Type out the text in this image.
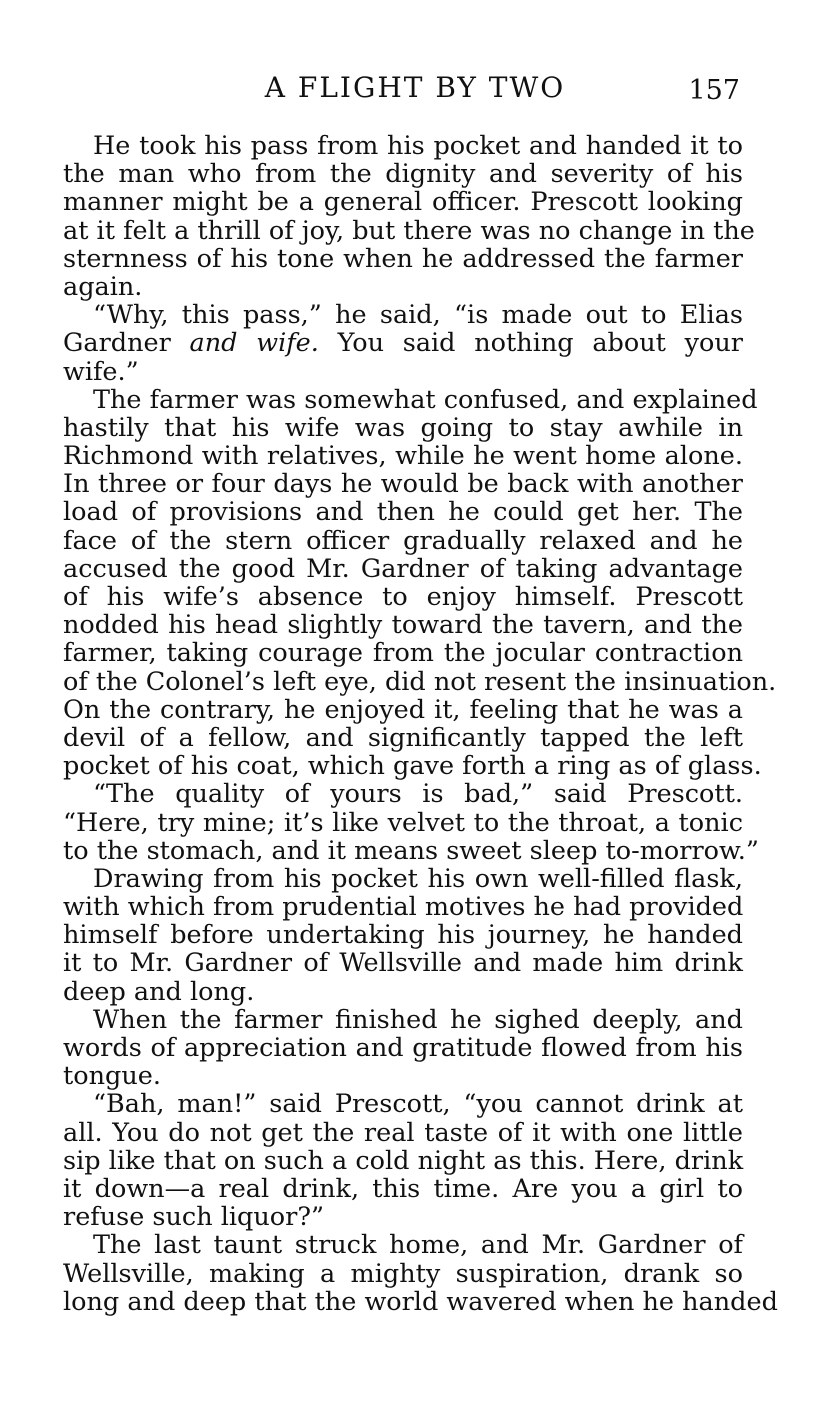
A FLIGHT BY TWO	157
He took his pass from his pocket and handed it to
the man who from the dignity and severity of his
manner might be a general officer. Prescott looking
at it felt a thrill of joy, but there was no change in the
sternness of his tone when he addressed the farmer
again.
“Why, this pass,” he said, “is made out to Elias
Gardner and wife. You said nothing about your
wife.”
The farmer was somewhat confused, and explained
hastily that his wife was going to stay awhile in
Richmond with relatives, while he went home alone.
In three or four days he would be back with another
load of provisions and then he could get her. The
face of the stern officer gradually relaxed and he
accused the good Mr. Gardner of taking advantage
of his wife’s absence to enjoy himself. Prescott
nodded his head slightly toward the tavern, and the
farmer, taking courage from the jocular contraction
of the Colonel’s left eye, did not resent the insinuation.
On the contrary, he enjoyed it, feeling that he was a
devil of a fellow, and significantly tapped the left
pocket of his coat, which gave forth a ring as of glass.
“The quality of yours is bad,” said Prescott.
“Here, try mine; it’s like velvet to the throat, a tonic
to the stomach, and it means sweet sleep to-morrow.”
Drawing from his pocket his own well-filled flask,
with which from prudential motives he had provided
himself before undertaking his journey, he handed
it to Mr. Gardner of Wellsville and made him drink
deep and long.
When the farmer finished he sighed deeply, and
words of appreciation and gratitude flowed from his
tongue.
“Bah, man!” said Prescott, “you cannot drink at
all. You do not get the real taste of it with one little
sip like that on such a cold night as this. Here, drink
it down—a real drink, this time. Are you a girl to
refuse such liquor?”
The last taunt struck home, and Mr. Gardner of
Wellsville, making a mighty suspiration, drank so
long and deep that the world wavered when he handed
